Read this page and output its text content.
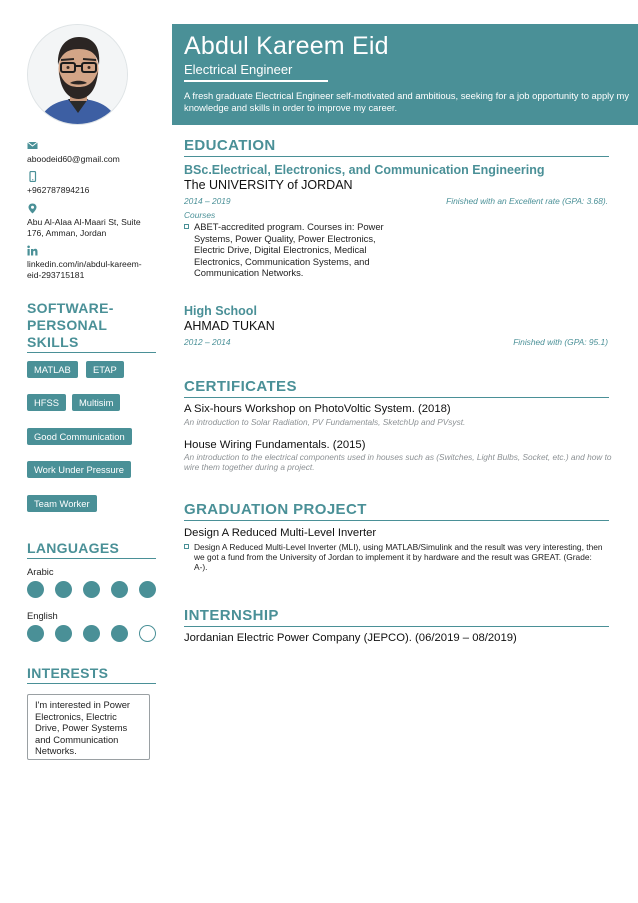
aboodeid60@gmail.com
+962787894216
Abu Al-Alaa Al-Maari St, Suite 176, Amman, Jordan
linkedin.com/in/abdul-kareem-eid-293715181
SOFTWARE-PERSONAL SKILLS
MATLAB	ETAP
HFSS	Multisim
Good Communication
Work Under Pressure
Team Worker
LANGUAGES
Arabic
English
INTERESTS
I'm interested in Power Electronics, Electric Drive, Power Systems and Communication Networks.
Abdul Kareem Eid
Electrical Engineer
A fresh graduate Electrical Engineer self-motivated and ambitious, seeking for a job opportunity to apply my knowledge and skills in order to improve my career.
EDUCATION
BSc.Electrical, Electronics, and Communication Engineering
The UNIVERSITY of JORDAN
2014 – 2019	Finished with an Excellent rate (GPA: 3.68).
Courses
ABET-accredited program. Courses in: Power Systems, Power Quality, Power Electronics, Electric Drive, Digital Electronics, Medical Electronics, Communication Systems, and Communication Networks.
High School
AHMAD TUKAN
2012 – 2014	Finished with (GPA: 95.1)
CERTIFICATES
A Six-hours Workshop on PhotoVoltic System. (2018)
An introduction to Solar Radiation, PV Fundamentals, SketchUp and PVsyst.
House Wiring Fundamentals. (2015)
An introduction to the electrical components used in houses such as (Switches, Light Bulbs, Socket, etc.) and how to wire them together during a project.
GRADUATION PROJECT
Design A Reduced Multi-Level Inverter
Design A Reduced Multi-Level Inverter (MLI), using MATLAB/Simulink and the result was very interesting, then we got a fund from the University of Jordan to implement it by hardware and the result was GREAT. (Grade: A-).
INTERNSHIP
Jordanian Electric Power Company (JEPCO). (06/2019 – 08/2019)
